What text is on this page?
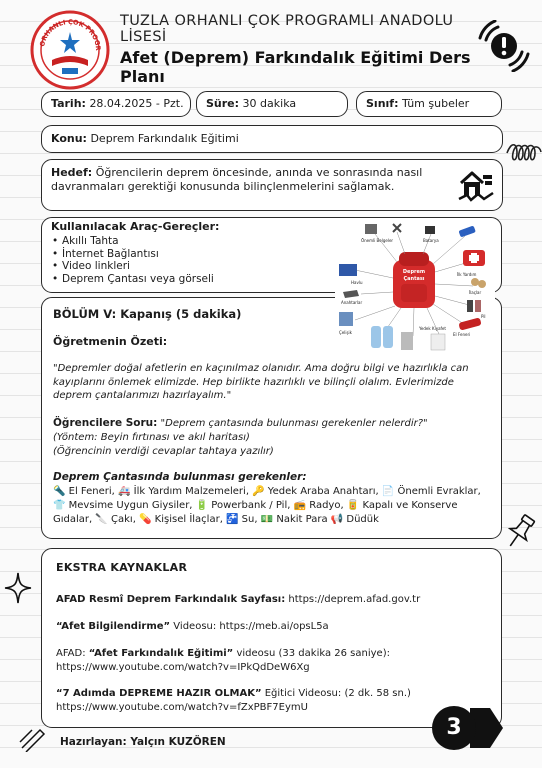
ORHANLI ÇOK PROGR
TUZLA ORHANLI ÇOK PROGRAMLI ANADOLU LİSESİ
Afet (Deprem) Farkındalık Eğitimi Ders Planı
Tarih: 28.04.2025 - Pzt. Süre: 30 dakika	Sınıf: Tüm şubeler
Konu: Deprem Farkındalık Eğitimi
Hedef: Öğrencilerin deprem öncesinde, anında ve sonrasında nasıl davranmaları gerektiği konusunda bilinçlenmelerini sağlamak.
Kullanılacak Araç-Gereçler:
• Akıllı Tahta
• İnternet Bağlantısı
• Video linkleri
• Deprem Çantası veya görseli
BÖLÜM V: Kapanış (5 dakika)
Öğretmenin Özeti:
"Depremler doğal afetlerin en kaçınılmaz olanıdır. Ama doğru bilgi ve hazırlıkla can kayıplarını önlemek elimizde. Hep birlikte hazırlıklı ve bilinçli olalım. Evlerimizde deprem çantalarımızı hazırlayalım."
Öğrencilere Soru: "Deprem çantasında bulunması gerekenler nelerdir?"
(Yöntem: Beyin fırtınası ve akıl haritası)
(Öğrencinin verdiği cevaplar tahtaya yazılır)
Deprem Çantasında bulunması gerekenler:
🔦 El Feneri, 🚑 İlk Yardım Malzemeleri, 🔑 Yedek Araba Anahtarı, 📄 Önemli Evraklar, 👕 Mevsime Uygun Giysiler, 🔋 Powerbank / Pil, 📻 Radyo, 🥫 Kapalı ve Konserve Gıdalar, 🔪 Çakı, 💊 Kişisel İlaçlar, 🚰 Su, 💵 Nakit Para 📢 Düdük
Deprem
Çantası
Önemli Belgeler	Batarya
İlk Yardım
Havlu
Anahtarlar
İlaçlar
Pil
Çelişik
Yedek Kıyafet
El Feneri
EKSTRA KAYNAKLAR
AFAD Resmî Deprem Farkındalık Sayfası: https://deprem.afad.gov.tr
“Afet Bilgilendirme” Videosu: https://meb.ai/opsL5a
AFAD: “Afet Farkındalık Eğitimi” videosu (33 dakika 26 saniye):
https://www.youtube.com/watch?v=IPkQdDeW6Xg
“7 Adımda DEPREME HAZIR OLMAK” Eğitici Videosu: (2 dk. 58 sn.)
https://www.youtube.com/watch?v=fZxPBF7EymU
Hazırlayan: Yalçın KUZÖREN
3
